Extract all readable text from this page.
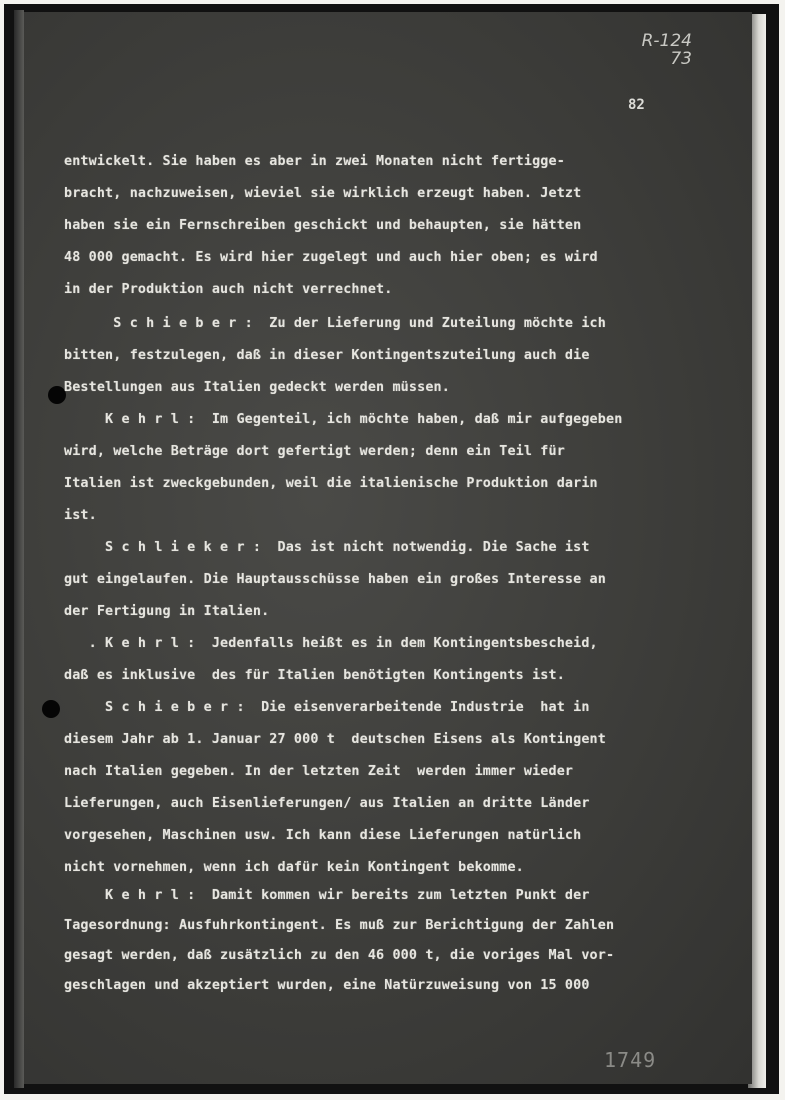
R-124
73
82
entwickelt. Sie haben es aber in zwei Monaten nicht fertigge-
bracht, nachzuweisen, wieviel sie wirklich erzeugt haben. Jetzt
haben sie ein Fernschreiben geschickt und behaupten, sie hätten
48 000 gemacht. Es wird hier zugelegt und auch hier oben; es wird
in der Produktion auch nicht verrechnet.
S c h i e b e r :  Zu der Lieferung und Zuteilung möchte ich
bitten, festzulegen, daß in dieser Kontingentszuteilung auch die
Bestellungen aus Italien gedeckt werden müssen.
K e h r l :  Im Gegenteil, ich möchte haben, daß mir aufgegeben
wird, welche Beträge dort gefertigt werden; denn ein Teil für
Italien ist zweckgebunden, weil die italienische Produktion darin
ist.
S c h l i e k e r :  Das ist nicht notwendig. Die Sache ist
gut eingelaufen. Die Hauptausschüsse haben ein großes Interesse an
der Fertigung in Italien.
. K e h r l :  Jedenfalls heißt es in dem Kontingentsbescheid,
daß es inklusive  des für Italien benötigten Kontingents ist.
S c h i e b e r :  Die eisenverarbeitende Industrie  hat in
diesem Jahr ab 1. Januar 27 000 t  deutschen Eisens als Kontingent
nach Italien gegeben. In der letzten Zeit  werden immer wieder
Lieferungen, auch Eisenlieferungen/ aus Italien an dritte Länder
vorgesehen, Maschinen usw. Ich kann diese Lieferungen natürlich
nicht vornehmen, wenn ich dafür kein Kontingent bekomme.
K e h r l :  Damit kommen wir bereits zum letzten Punkt der
Tagesordnung: Ausfuhrkontingent. Es muß zur Berichtigung der Zahlen
gesagt werden, daß zusätzlich zu den 46 000 t, die voriges Mal vor-
geschlagen und akzeptiert wurden, eine Natürzuweisung von 15 000
1749
